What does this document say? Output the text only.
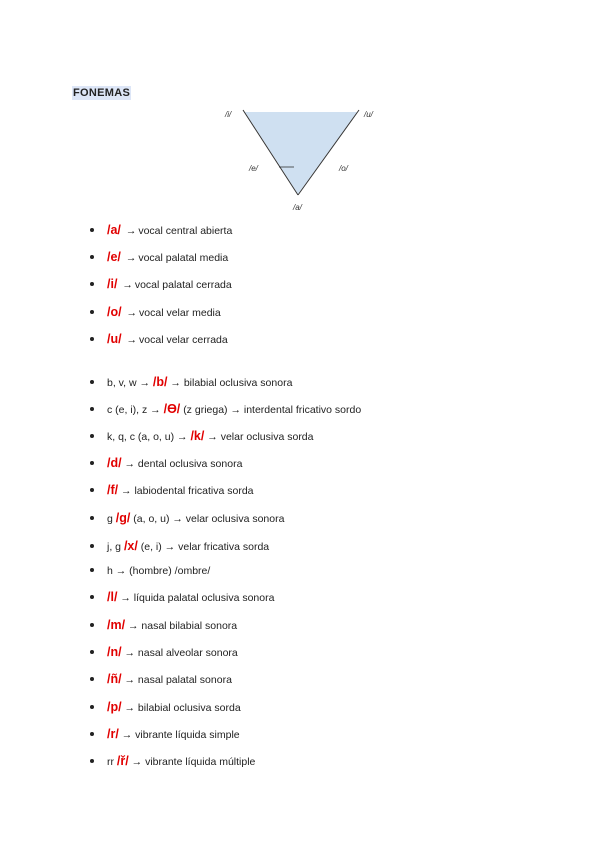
FONEMAS
/i/	/u/
/e/	/o/
/a/
/a/ → vocal central abierta
/e/ → vocal palatal media
/i/ → vocal palatal cerrada
/o/ → vocal velar media
/u/ → vocal velar cerrada
b, v, w → /b/ → bilabial oclusiva sonora
c (e, i), z → /Ɵ/ (z griega) → interdental fricativo sordo
k, q, c (a, o, u) → /k/ → velar oclusiva sorda
/d/ → dental oclusiva sonora
/f/ → labiodental fricativa sorda
g /g/ (a, o, u) → velar oclusiva sonora
j, g /x/ (e, i) → velar fricativa sorda
h → (hombre) /ombre/
/l/ → líquida palatal oclusiva sonora
/m/ → nasal bilabial sonora
/n/ → nasal alveolar sonora
/ñ/ → nasal palatal sonora
/p/ → bilabial oclusiva sorda
/r/ → vibrante líquida simple
rr /ř/ → vibrante líquida múltiple
